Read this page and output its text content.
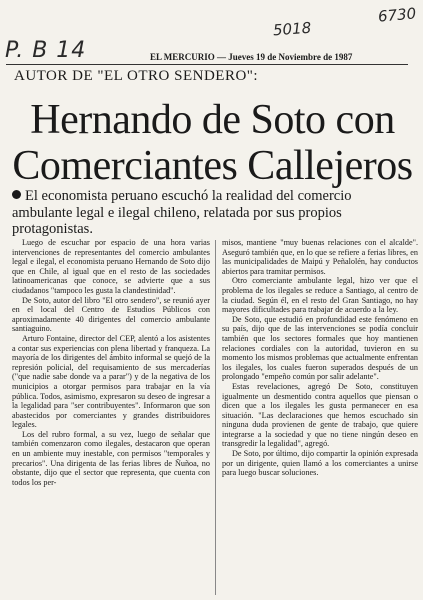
P. B 14
5018
6730
EL MERCURIO — Jueves 19 de Noviembre de 1987
AUTOR DE "EL OTRO SENDERO":
Hernando de Soto con
Comerciantes Callejeros
El economista peruano escuchó la realidad del comercio ambulante legal e ilegal chileno, relatada por sus propios protagonistas.

Luego de escuchar por espacio de una hora varias intervenciones de representantes del comercio ambulantes legal e ilegal, el economista peruano Hernando de Soto dijo que en Chile, al igual que en el resto de las sociedades latinoamericanas que conoce, se advierte que a sus ciudadanos "tampoco les gusta la clandestinidad".

De Soto, autor del libro "El otro sendero", se reunió ayer en el local del Centro de Estudios Públicos con aproximadamente 40 dirigentes del comercio ambulante santiaguino.

Arturo Fontaine, director del CEP, alentó a los asistentes a contar sus experiencias con plena libertad y franqueza. La mayoría de los dirigentes del ámbito informal se quejó de la represión policial, del requisamiento de sus mercaderías ("que nadie sabe donde va a parar") y de la negativa de los municipios a otorgar permisos para trabajar en la vía pública. Todos, asimismo, expresaron su deseo de ingresar a la legalidad para "ser contribuyentes". Informaron que son abastecidos por comerciantes y grandes distribuidores legales.

Los del rubro formal, a su vez, luego de señalar que también comenzaron como ilegales, destacaron que operan en un ambiente muy inestable, con permisos "temporales y precarios". Una dirigenta de las ferias libres de Ñuñoa, no obstante, dijo que el sector que representa, que cuenta con todos los per-

misos, mantiene "muy buenas relaciones con el alcalde". Aseguró también que, en lo que se refiere a ferias libres, en las municipalidades de Maipú y Peñalolén, hay conductos abiertos para tramitar permisos.

Otro comerciante ambulante legal, hizo ver que el problema de los ilegales se reduce a Santiago, al centro de la ciudad. Según él, en el resto del Gran Santiago, no hay mayores dificultades para trabajar de acuerdo a la ley.

De Soto, que estudió en profundidad este fenómeno en su país, dijo que de las intervenciones se podía concluir también que los sectores formales que hoy mantienen relaciones cordiales con la autoridad, tuvieron en su momento los mismos problemas que actualmente enfrentan los ilegales, los cuales fueron superados después de un prolongado "empeño común por salir adelante".

Estas revelaciones, agregó De Soto, constituyen igualmente un desmentido contra aquellos que piensan o dicen que a los ilegales les gusta permanecer en esa situación. "Las declaraciones que hemos escuchado sin ninguna duda provienen de gente de trabajo, que quiere integrarse a la sociedad y que no tiene ningún deseo en transgredir la legalidad", agregó.

De Soto, por último, dijo compartir la opinión expresada por un dirigente, quien llamó a los comerciantes a unirse para luego buscar soluciones.
